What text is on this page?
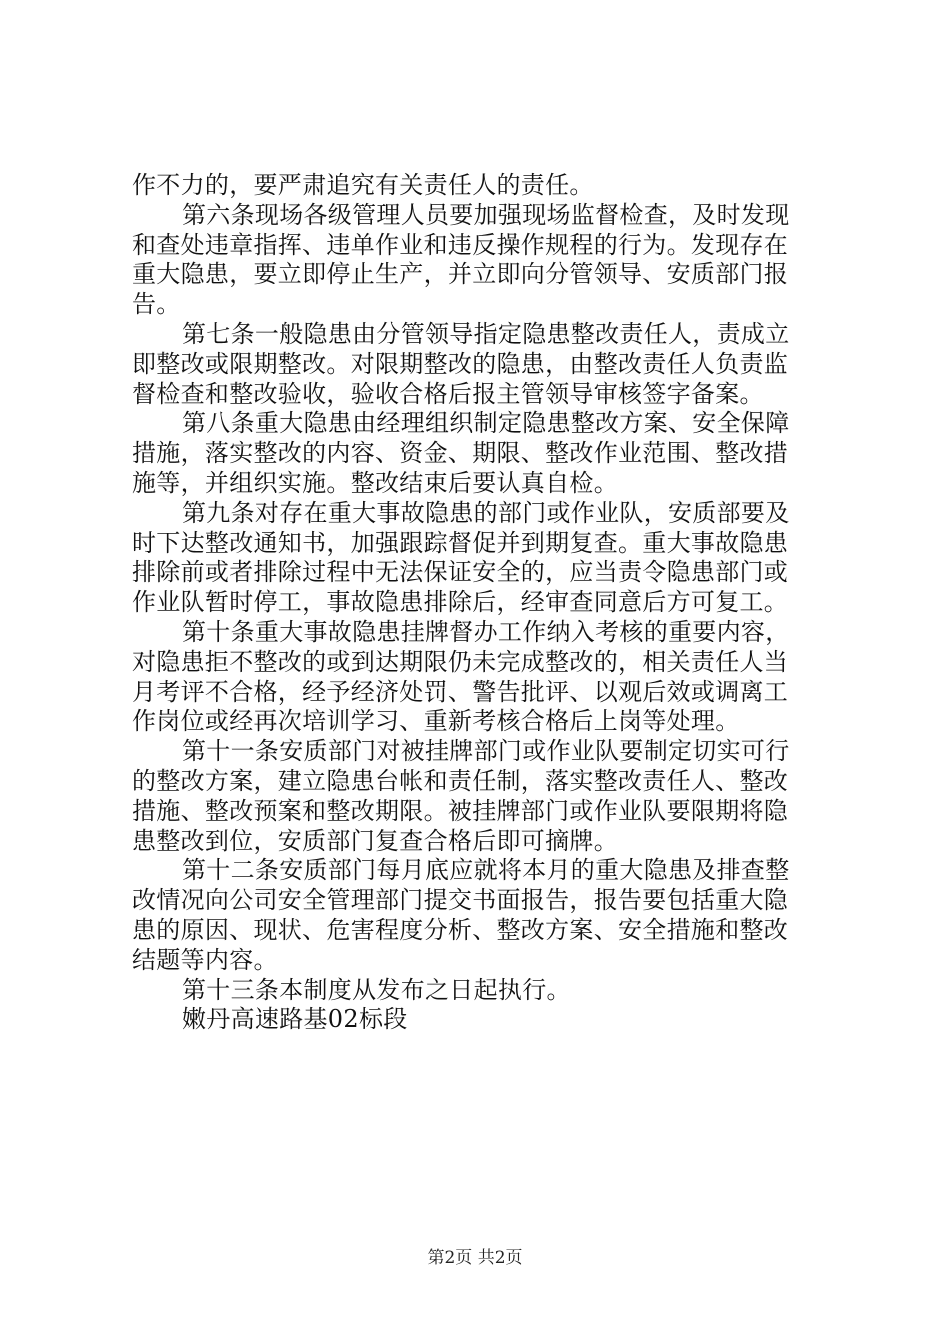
作不力的，要严肃追究有关责任人的责任。
第六条现场各级管理人员要加强现场监督检查，及时发现
和查处违章指挥、违单作业和违反操作规程的行为。发现存在
重大隐患，要立即停止生产，并立即向分管领导、安质部门报
告。
第七条一般隐患由分管领导指定隐患整改责任人，责成立
即整改或限期整改。对限期整改的隐患，由整改责任人负责监
督检查和整改验收，验收合格后报主管领导审核签字备案。
第八条重大隐患由经理组织制定隐患整改方案、安全保障
措施，落实整改的内容、资金、期限、整改作业范围、整改措
施等，并组织实施。整改结束后要认真自检。
第九条对存在重大事故隐患的部门或作业队，安质部要及
时下达整改通知书，加强跟踪督促并到期复查。重大事故隐患
排除前或者排除过程中无法保证安全的，应当责令隐患部门或
作业队暂时停工，事故隐患排除后，经审查同意后方可复工。
第十条重大事故隐患挂牌督办工作纳入考核的重要内容，
对隐患拒不整改的或到达期限仍未完成整改的，相关责任人当
月考评不合格，经予经济处罚、警告批评、以观后效或调离工
作岗位或经再次培训学习、重新考核合格后上岗等处理。
第十一条安质部门对被挂牌部门或作业队要制定切实可行
的整改方案，建立隐患台帐和责任制，落实整改责任人、整改
措施、整改预案和整改期限。被挂牌部门或作业队要限期将隐
患整改到位，安质部门复查合格后即可摘牌。
第十二条安质部门每月底应就将本月的重大隐患及排查整
改情况向公司安全管理部门提交书面报告，报告要包括重大隐
患的原因、现状、危害程度分析、整改方案、安全措施和整改
结题等内容。
第十三条本制度从发布之日起执行。
嫩丹高速路基02标段
第2页 共2页
